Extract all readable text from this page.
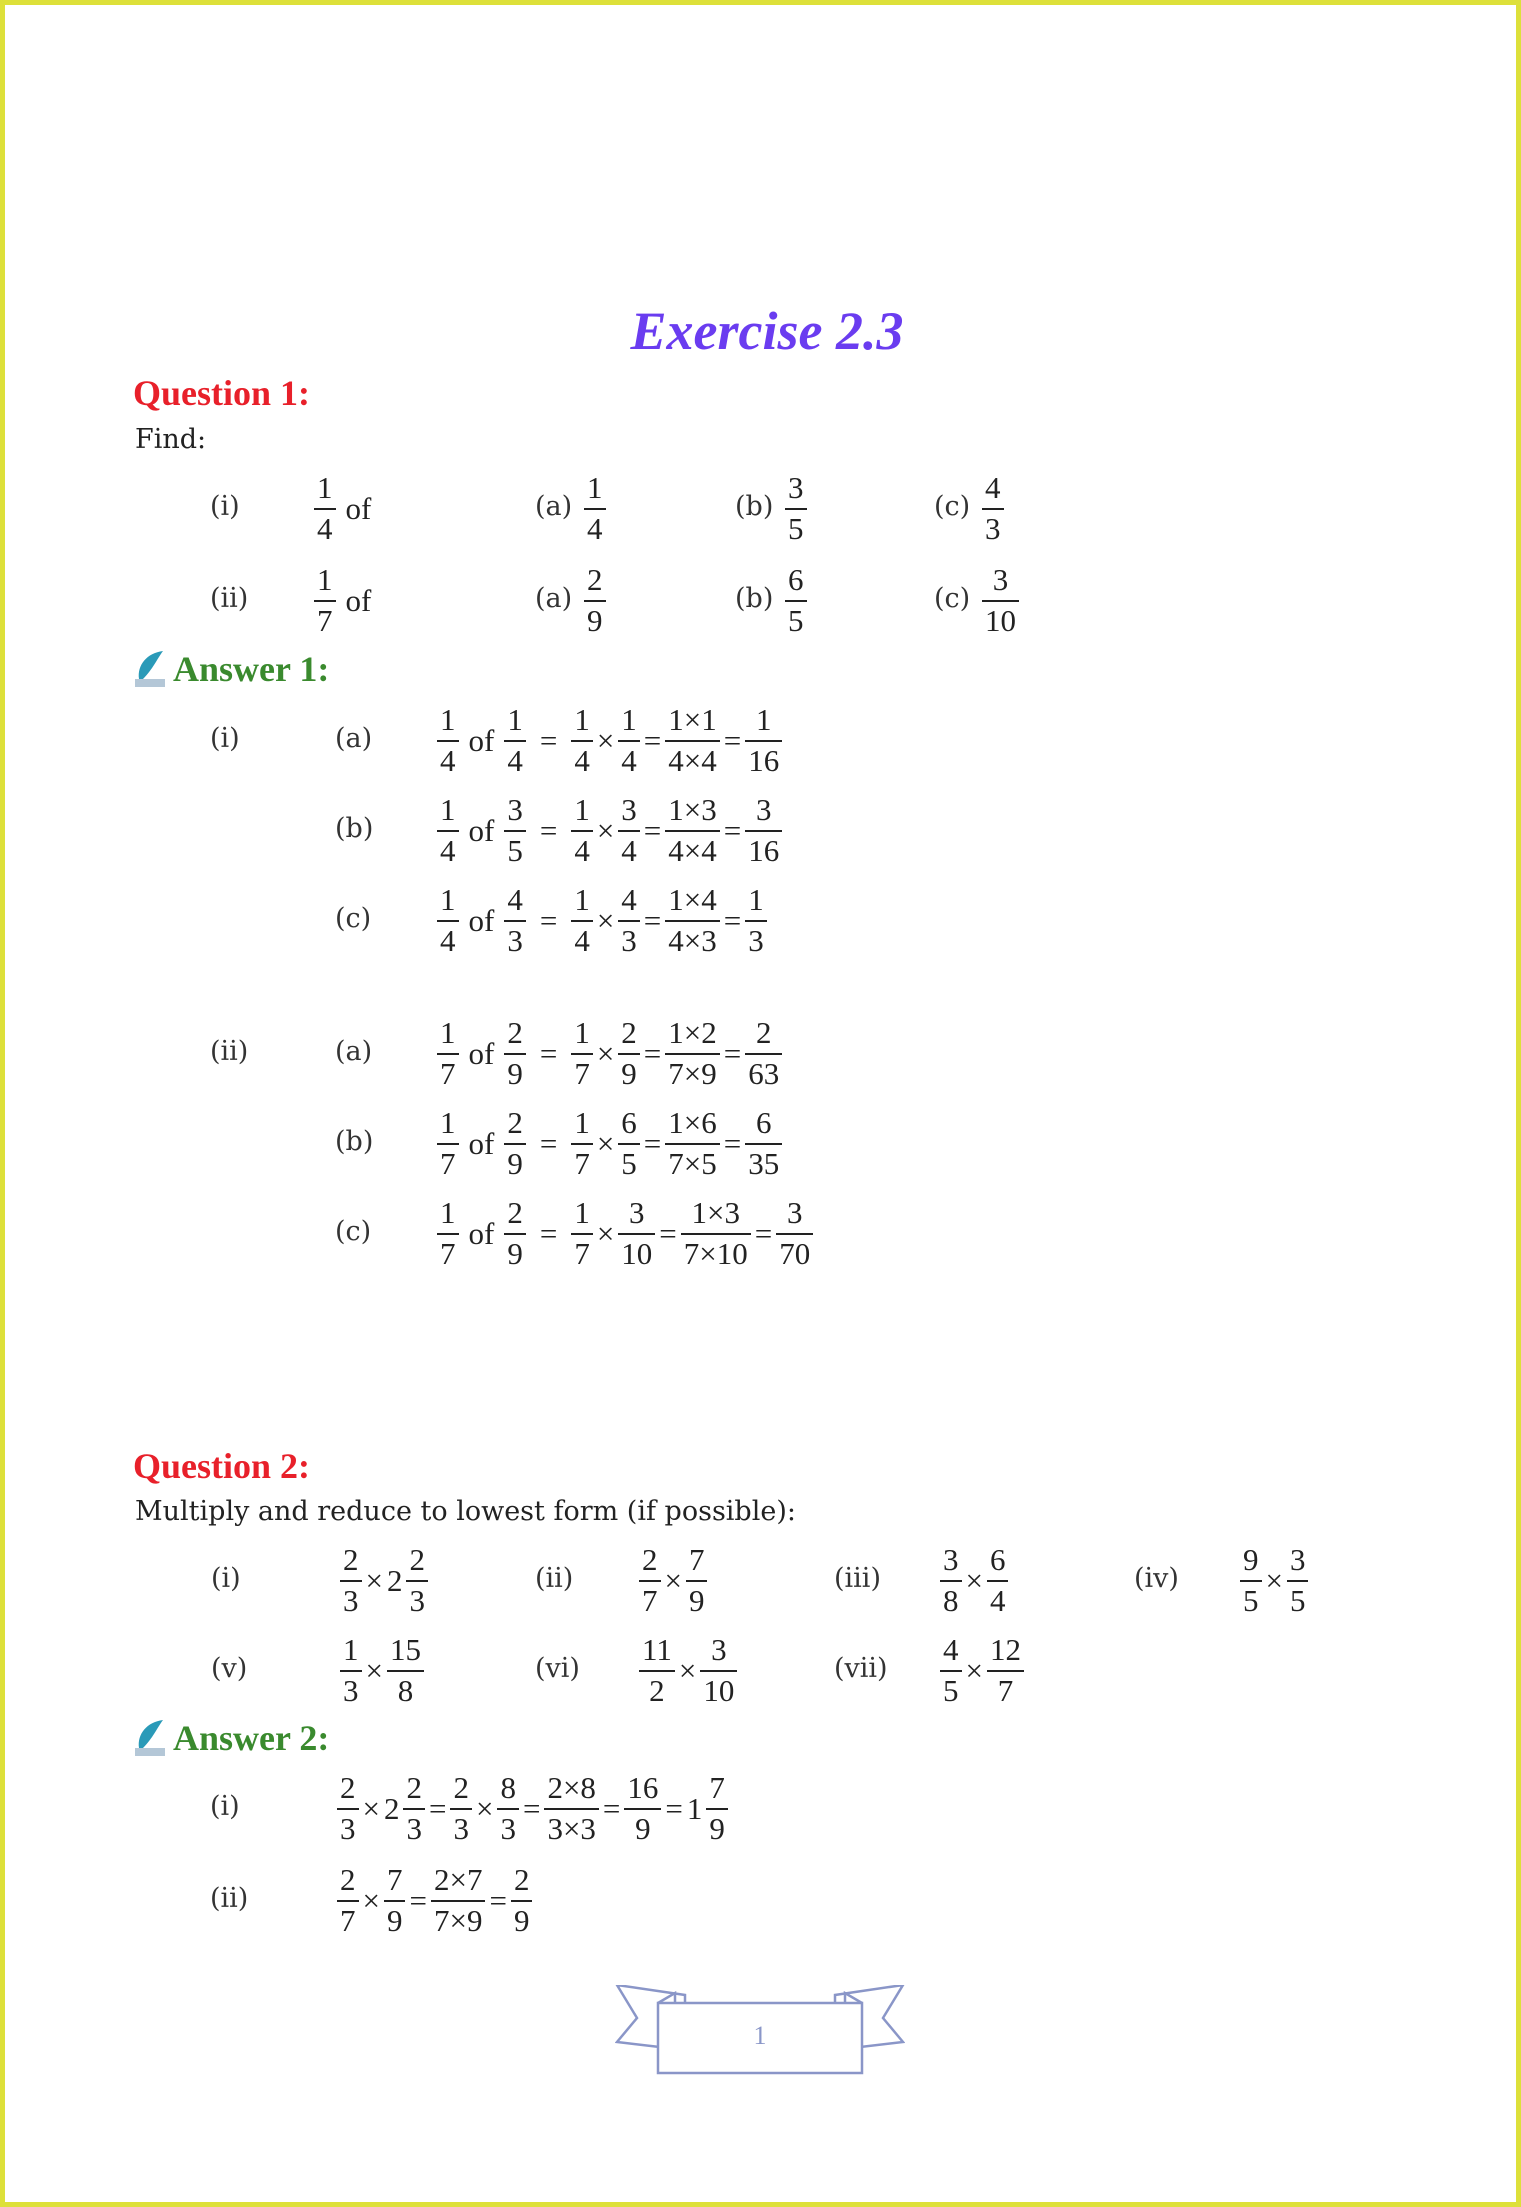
Exercise 2.3
Question 1:
Find:
$(i) \frac{1}{4}$ of	$(a) \frac{1}{4}$	$(b) \frac{3}{5}$	$(c) \frac{4}{3}$
$(ii) \frac{1}{7}$ of	$(a) \frac{2}{9}$	$(b) \frac{6}{5}$	$(c) \frac{3}{10}$
Answer 1:
(i)	$(a) \frac{1}{4}$ of $\frac{1}{4} = \frac{1}{4} \times \frac{1}{4} = \frac{1\times 1}{4\times 4} = \frac{1}{16}$
$(b) \frac{1}{4}$ of $\frac{3}{5} = \frac{1}{4} \times \frac{3}{4} = \frac{1\times 3}{4\times 4} = \frac{3}{16}$
$(c) \frac{1}{4}$ of $\frac{4}{3} = \frac{1}{4} \times \frac{4}{3} = \frac{1\times 4}{4\times 3} = \frac{1}{3}$
(ii)	$(a) \frac{1}{7}$ of $\frac{2}{9} = \frac{1}{7} \times \frac{2}{9} = \frac{1\times 2}{7\times 9} = \frac{2}{63}$
$(b) \frac{1}{7}$ of $\frac{2}{9} = \frac{1}{7} \times \frac{6}{5} = \frac{1\times 6}{7\times 5} = \frac{6}{35}$
$(c) \frac{1}{7}$ of $\frac{2}{9} = \frac{1}{7} \times \frac{3}{10} = \frac{1\times 3}{7\times 10} = \frac{3}{70}$
Question 2:
Multiply and reduce to lowest form (if possible):
(i)	$\frac{2}{3} \times 2 \frac{2}{3}$	$(ii) \frac{2}{7} \times \frac{7}{9}$	$(iii) \frac{3}{8} \times \frac{6}{4}$	$(iv) \frac{9}{5} \times \frac{3}{5}$
(v)	$\frac{1}{3} \times \frac{15}{8}$	$(vi) \frac{11}{2} \times \frac{3}{10}$	$(vii) \frac{4}{5} \times \frac{12}{7}$
Answer 2:
(i)	$\frac{2}{3} \times 2 \frac{2}{3} = \frac{2}{3} \times \frac{8}{3} = \frac{2\times 8}{3\times 3} = \frac{16}{9} = 1 \frac{7}{9}$
(ii)	$\frac{2}{7} \times \frac{7}{9} = \frac{2\times 7}{7\times 9} = \frac{2}{9}$
1
